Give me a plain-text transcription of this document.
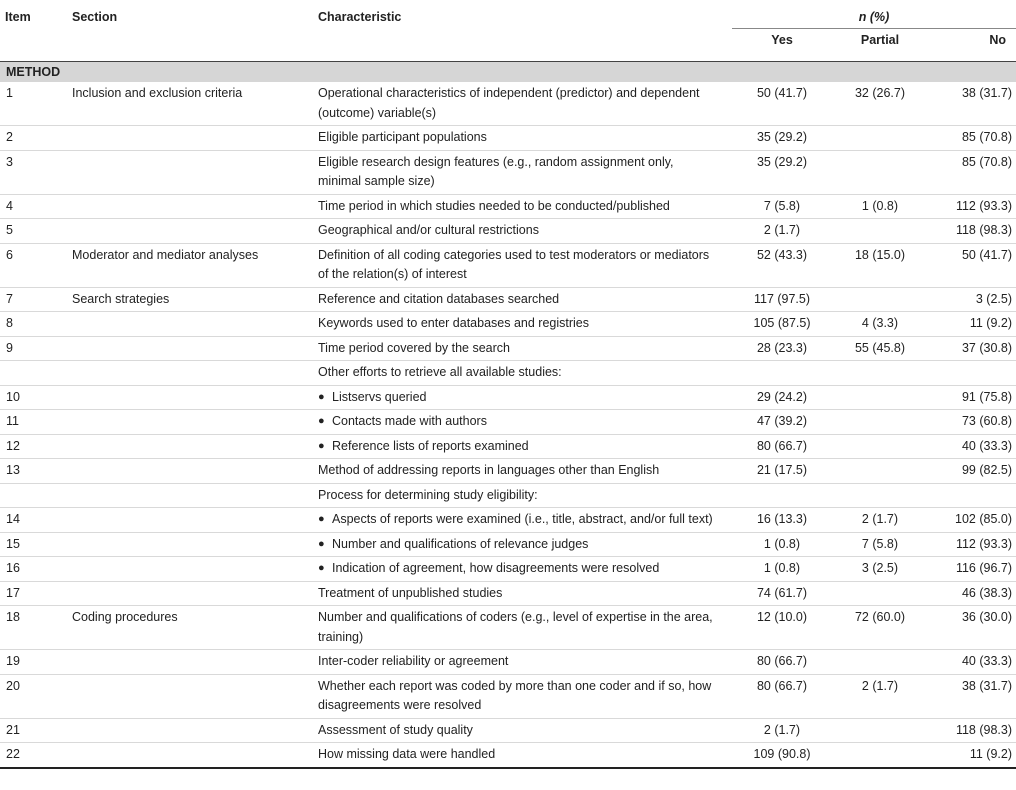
Item	Section	Characteristic	n (%)		
			Yes	Partial	No
METHOD					
1	Inclusion and exclusion criteria	Operational characteristics of independent (predictor) and dependent (outcome) variable(s)	50 (41.7)	32 (26.7)	38 (31.7)
2		Eligible participant populations	35 (29.2)		85 (70.8)
3		Eligible research design features (e.g., random assignment only, minimal sample size)	35 (29.2)		85 (70.8)
4		Time period in which studies needed to be conducted/published	7 (5.8)	1 (0.8)	112 (93.3)
5		Geographical and/or cultural restrictions	2 (1.7)		118 (98.3)
6	Moderator and mediator analyses	Definition of all coding categories used to test moderators or mediators of the relation(s) of interest	52 (43.3)	18 (15.0)	50 (41.7)
7	Search strategies	Reference and citation databases searched	117 (97.5)		3 (2.5)
8		Keywords used to enter databases and registries	105 (87.5)	4 (3.3)	11 (9.2)
9		Time period covered by the search	28 (23.3)	55 (45.8)	37 (30.8)
		Other efforts to retrieve all available studies:			
10		● Listservs queried	29 (24.2)		91 (75.8)
11		● Contacts made with authors	47 (39.2)		73 (60.8)
12		● Reference lists of reports examined	80 (66.7)		40 (33.3)
13		Method of addressing reports in languages other than English	21 (17.5)		99 (82.5)
		Process for determining study eligibility:			
14		● Aspects of reports were examined (i.e., title, abstract, and/or full text)	16 (13.3)	2 (1.7)	102 (85.0)
15		● Number and qualifications of relevance judges	1 (0.8)	7 (5.8)	112 (93.3)
16		● Indication of agreement, how disagreements were resolved	1 (0.8)	3 (2.5)	116 (96.7)
17		Treatment of unpublished studies	74 (61.7)		46 (38.3)
18	Coding procedures	Number and qualifications of coders (e.g., level of expertise in the area, training)	12 (10.0)	72 (60.0)	36 (30.0)
19		Inter-coder reliability or agreement	80 (66.7)		40 (33.3)
20		Whether each report was coded by more than one coder and if so, how disagreements were resolved	80 (66.7)	2 (1.7)	38 (31.7)
21		Assessment of study quality	2 (1.7)		118 (98.3)
22		How missing data were handled	109 (90.8)		11 (9.2)
